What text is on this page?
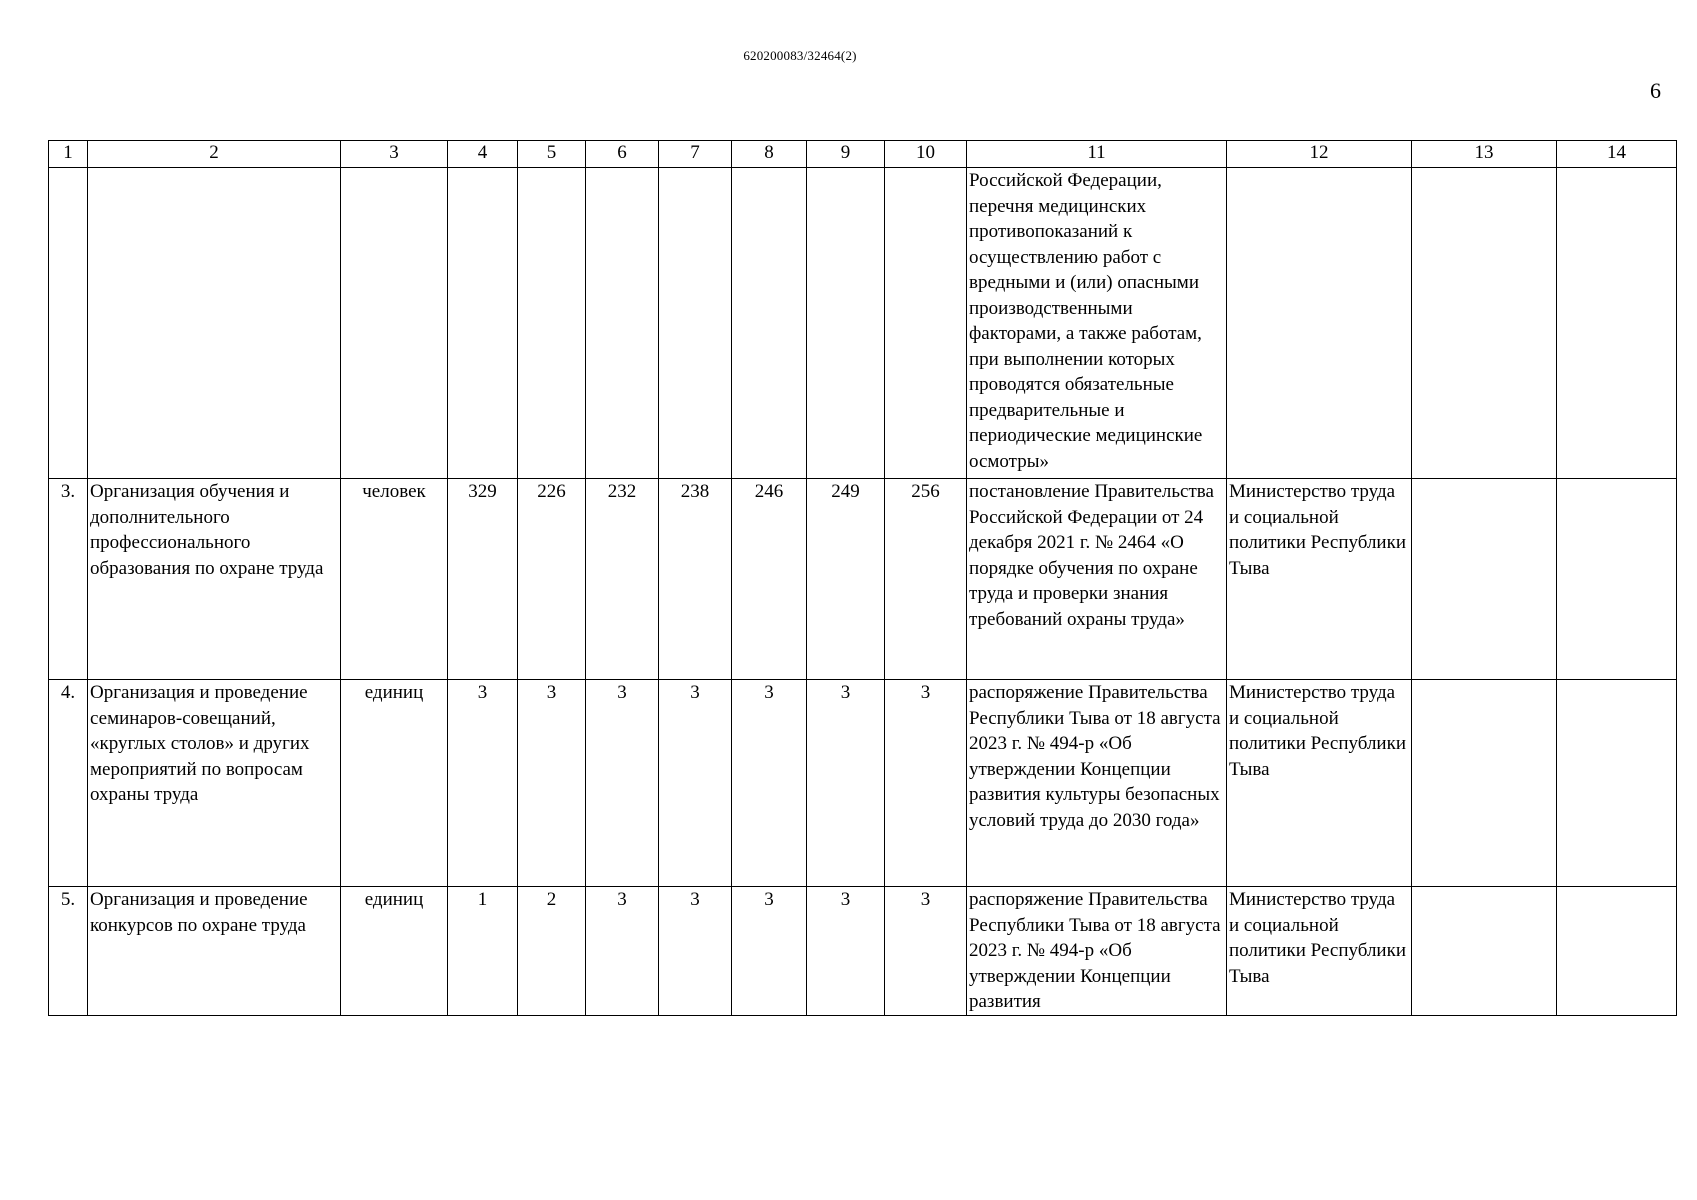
620200083/32464(2)
6
1	2	3	4	5	6	7	8	9	10	11	12	13	14
										Российской Федерации, перечня медицинских противопоказаний к осуществлению работ с вредными и (или) опасными производственными факторами, а также работам, при выполнении которых проводятся обязательные предварительные и периодические медицинские осмотры»			
3.	Организация обучения и дополнительного профессионального образования по охране труда	человек	329	226	232	238	246	249	256	постановление Правительства Российской Федерации от 24 декабря 2021 г. № 2464 «О порядке обучения по охране труда и проверки знания требований охраны труда»	Министерство труда и социальной политики Республики Тыва		
4.	Организация и проведение семинаров-совещаний, «круглых столов» и других мероприятий по вопросам охраны труда	единиц	3	3	3	3	3	3	3	распоряжение Правительства Республики Тыва от 18 августа 2023 г. № 494-р «Об утверждении Концепции развития культуры безопасных условий труда до 2030 года»	Министерство труда и социальной политики Республики Тыва		
5.	Организация и проведение конкурсов по охране труда	единиц	1	2	3	3	3	3	3	распоряжение Правительства Республики Тыва от 18 августа 2023 г. № 494-р «Об утверждении Концепции развития	Министерство труда и социальной политики Республики Тыва		
